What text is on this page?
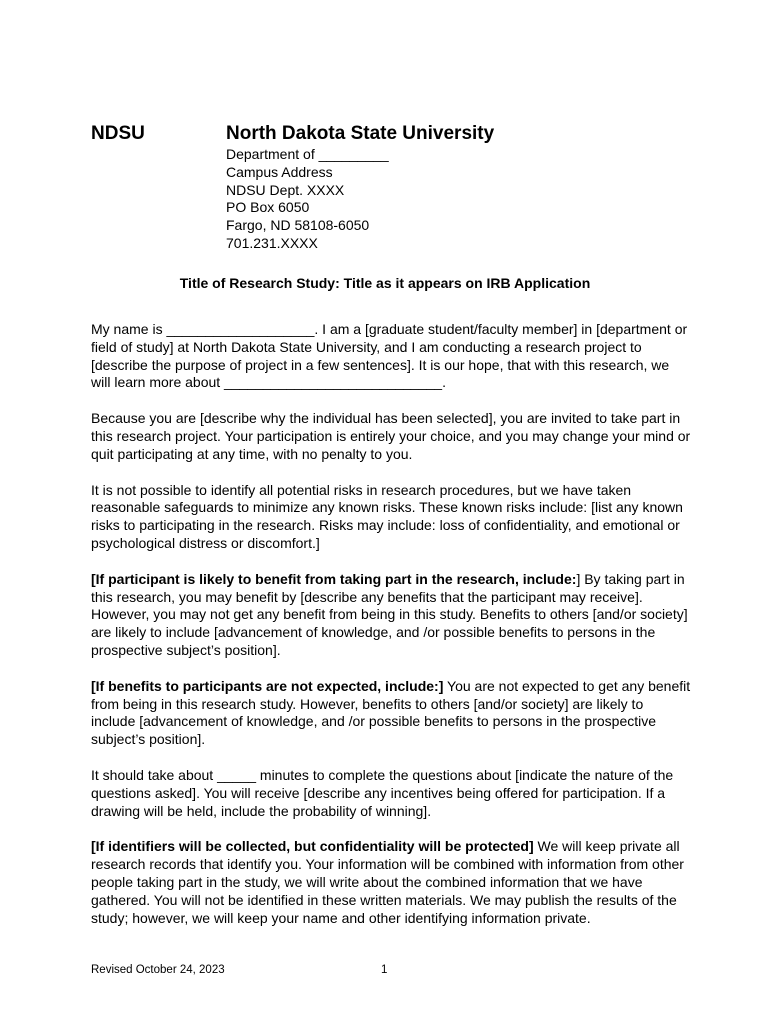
NDSU	North Dakota State University
Department of _________
Campus Address
NDSU Dept. XXXX
PO Box 6050
Fargo, ND 58108-6050
701.231.XXXX
Title of Research Study: Title as it appears on IRB Application

My name is ___________________. I am a [graduate student/faculty member] in [department or field of study] at North Dakota State University, and I am conducting a research project to [describe the purpose of project in a few sentences]. It is our hope, that with this research, we will learn more about ____________________________.

Because you are [describe why the individual has been selected], you are invited to take part in this research project. Your participation is entirely your choice, and you may change your mind or quit participating at any time, with no penalty to you.

It is not possible to identify all potential risks in research procedures, but we have taken reasonable safeguards to minimize any known risks. These known risks include: [list any known risks to participating in the research. Risks may include: loss of confidentiality, and emotional or psychological distress or discomfort.]

[If participant is likely to benefit from taking part in the research, include:] By taking part in this research, you may benefit by [describe any benefits that the participant may receive]. However, you may not get any benefit from being in this study. Benefits to others [and/or society] are likely to include [advancement of knowledge, and /or possible benefits to persons in the prospective subject’s position].

[If benefits to participants are not expected, include:] You are not expected to get any benefit from being in this research study. However, benefits to others [and/or society] are likely to include [advancement of knowledge, and /or possible benefits to persons in the prospective subject’s position].

It should take about _____ minutes to complete the questions about [indicate the nature of the questions asked]. You will receive [describe any incentives being offered for participation. If a drawing will be held, include the probability of winning].

[If identifiers will be collected, but confidentiality will be protected] We will keep private all research records that identify you. Your information will be combined with information from other people taking part in the study, we will write about the combined information that we have gathered. You will not be identified in these written materials. We may publish the results of the study; however, we will keep your name and other identifying information private.

Revised October 24, 2023	1
